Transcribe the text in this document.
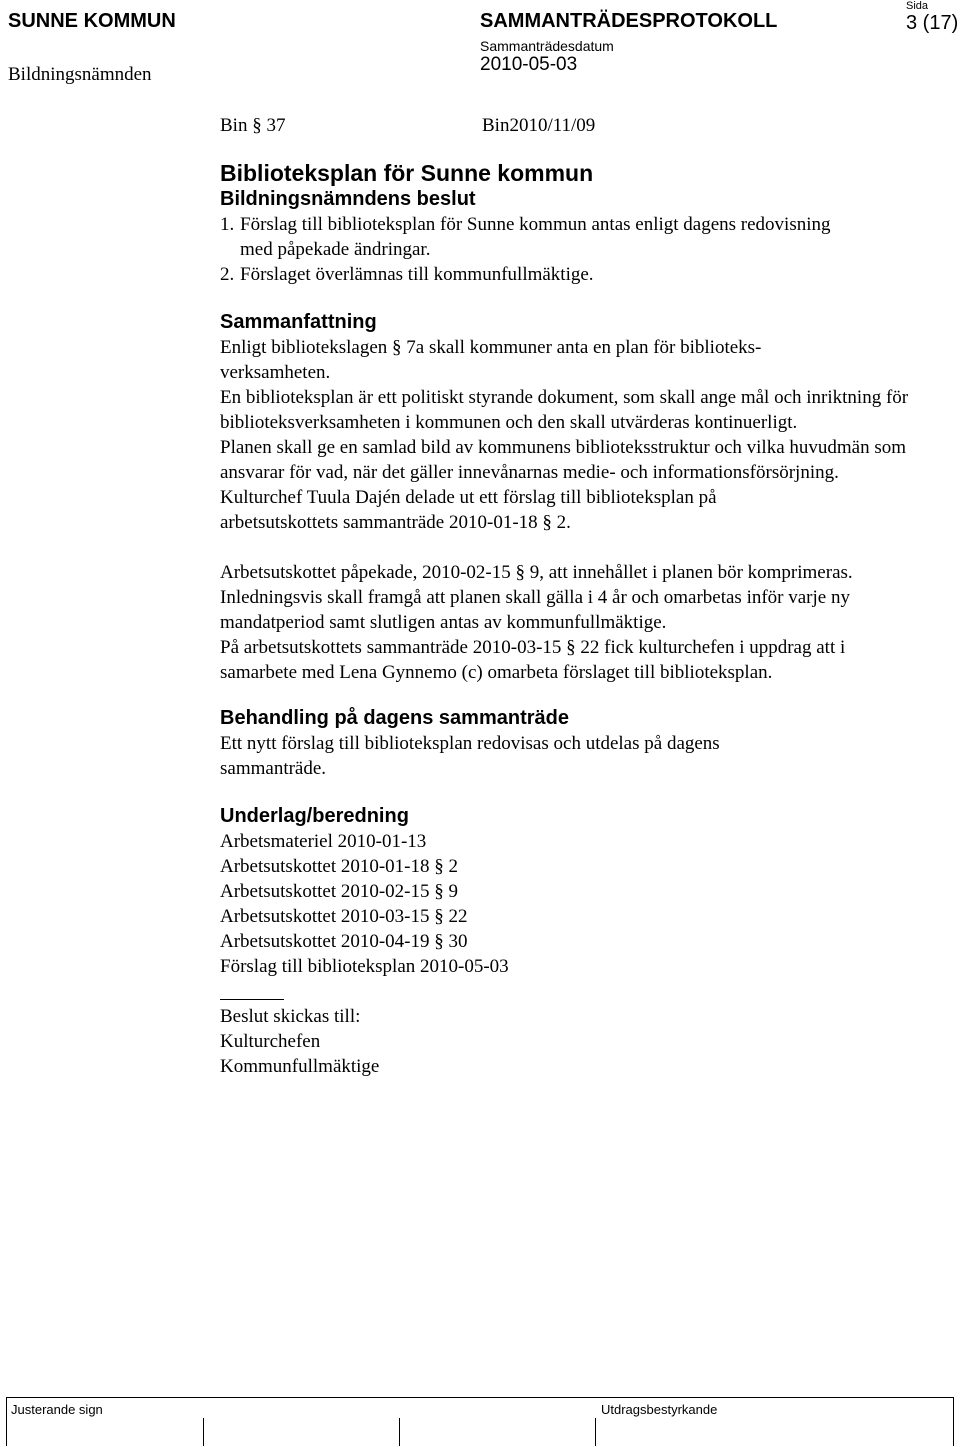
SUNNE KOMMUN
Bildningsnämnden
SAMMANTRÄDESPROTOKOLL
Sammanträdesdatum
2010-05-03
Sida
3 (17)
Bin § 37	Bin2010/11/09
Biblioteksplan för Sunne kommun
Bildningsnämndens beslut
1. Förslag till biblioteksplan för Sunne kommun antas enligt dagens redovisning med påpekade ändringar.
2. Förslaget överlämnas till kommunfullmäktige.
Sammanfattning

Enligt bibliotekslagen § 7a skall kommuner anta en plan för biblioteks-verksamheten.

En biblioteksplan är ett politiskt styrande dokument, som skall ange mål och inriktning för biblioteksverksamheten i kommunen och den skall utvärderas kontinuerligt.

Planen skall ge en samlad bild av kommunens biblioteksstruktur och vilka huvudmän som ansvarar för vad, när det gäller innevånarnas medie- och informationsförsörjning.

Kulturchef Tuula Dajén delade ut ett förslag till biblioteksplan på arbetsutskottets sammanträde 2010-01-18 § 2.

Arbetsutskottet påpekade, 2010-02-15 § 9, att innehållet i planen bör komprimeras. Inledningsvis skall framgå att planen skall gälla i 4 år och omarbetas inför varje ny mandatperiod samt slutligen antas av kommunfullmäktige.

På arbetsutskottets sammanträde 2010-03-15 § 22 fick kulturchefen i uppdrag att i samarbete med Lena Gynnemo (c) omarbeta förslaget till biblioteksplan.

Behandling på dagens sammanträde

Ett nytt förslag till biblioteksplan redovisas och utdelas på dagens sammanträde.

Underlag/beredning
Arbetsmateriel 2010-01-13
Arbetsutskottet 2010-01-18 § 2
Arbetsutskottet 2010-02-15 § 9
Arbetsutskottet 2010-03-15 § 22
Arbetsutskottet 2010-04-19 § 30
Förslag till biblioteksplan 2010-05-03
Beslut skickas till:
Kulturchefen
Kommunfullmäktige
Justerande sign	Utdragsbestyrkande
